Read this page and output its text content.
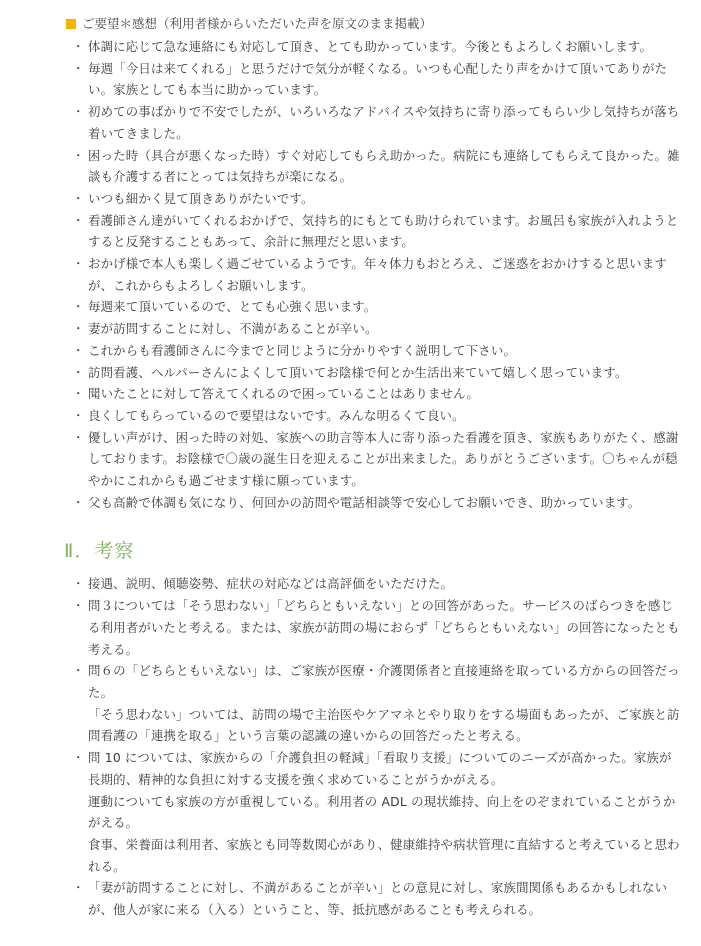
ご要望＊感想（利用者様からいただいた声を原文のまま掲載）
・ 体調に応じて急な連絡にも対応して頂き、とても助かっています。今後ともよろしくお願いします。
・ 毎週「今日は来てくれる」と思うだけで気分が軽くなる。いつも心配したり声をかけて頂いてありがたい。家族としても本当に助かっています。
・ 初めての事ばかりで不安でしたが、いろいろなアドバイスや気持ちに寄り添ってもらい少し気持ちが落ち着いてきました。
・ 困った時（具合が悪くなった時）すぐ対応してもらえ助かった。病院にも連絡してもらえて良かった。雑談も介護する者にとっては気持ちが楽になる。
・ いつも細かく見て頂きありがたいです。
・ 看護師さん達がいてくれるおかげで、気持ち的にもとても助けられています。お風呂も家族が入れようとすると反発することもあって、余計に無理だと思います。
・ おかげ様で本人も楽しく過ごせているようです。年々体力もおとろえ、ご迷惑をおかけすると思いますが、これからもよろしくお願いします。
・ 毎週来て頂いているので、とても心強く思います。
・ 妻が訪問することに対し、不満があることが辛い。
・ これからも看護師さんに今までと同じように分かりやすく説明して下さい。
・ 訪問看護、ヘルパーさんによくして頂いてお陰様で何とか生活出来ていて嬉しく思っています。
・ 聞いたことに対して答えてくれるので困っていることはありません。
・ 良くしてもらっているので要望はないです。みんな明るくて良い。
・ 優しい声がけ、困った時の対処、家族への助言等本人に寄り添った看護を頂き、家族もありがたく、感謝しております。お陰様で〇歳の誕生日を迎えることが出来ました。ありがとうございます。〇ちゃんが穏やかにこれからも過ごせます様に願っています。
・ 父も高齢で体調も気になり、何回かの訪問や電話相談等で安心してお願いでき、助かっています。
Ⅱ．考察
・ 接遇、説明、傾聴姿勢、症状の対応などは高評価をいただけた。
・ 問３については「そう思わない」「どちらともいえない」との回答があった。サービスのばらつきを感じる利用者がいたと考える。または、家族が訪問の場におらず「どちらともいえない」の回答になったとも考える。
・ 問６の「どちらともいえない」は、ご家族が医療・介護関係者と直接連絡を取っている方からの回答だった。
「そう思わない」ついては、訪問の場で主治医やケアマネとやり取りをする場面もあったが、ご家族と訪問看護の「連携を取る」という言葉の認識の違いからの回答だったと考える。
・ 問 10 については、家族からの「介護負担の軽減」「看取り支援」についてのニーズが高かった。家族が長期的、精神的な負担に対する支援を強く求めていることがうかがえる。
運動についても家族の方が重視している。利用者の ADL の現状維持、向上をのぞまれていることがうかがえる。
食事、栄養面は利用者、家族とも同等数関心があり、健康維持や病状管理に直結すると考えていると思われる。
・ 「妻が訪問することに対し、不満があることが辛い」との意見に対し、家族間関係もあるかもしれないが、他人が家に来る（入る）ということ、等、抵抗感があることも考えられる。
